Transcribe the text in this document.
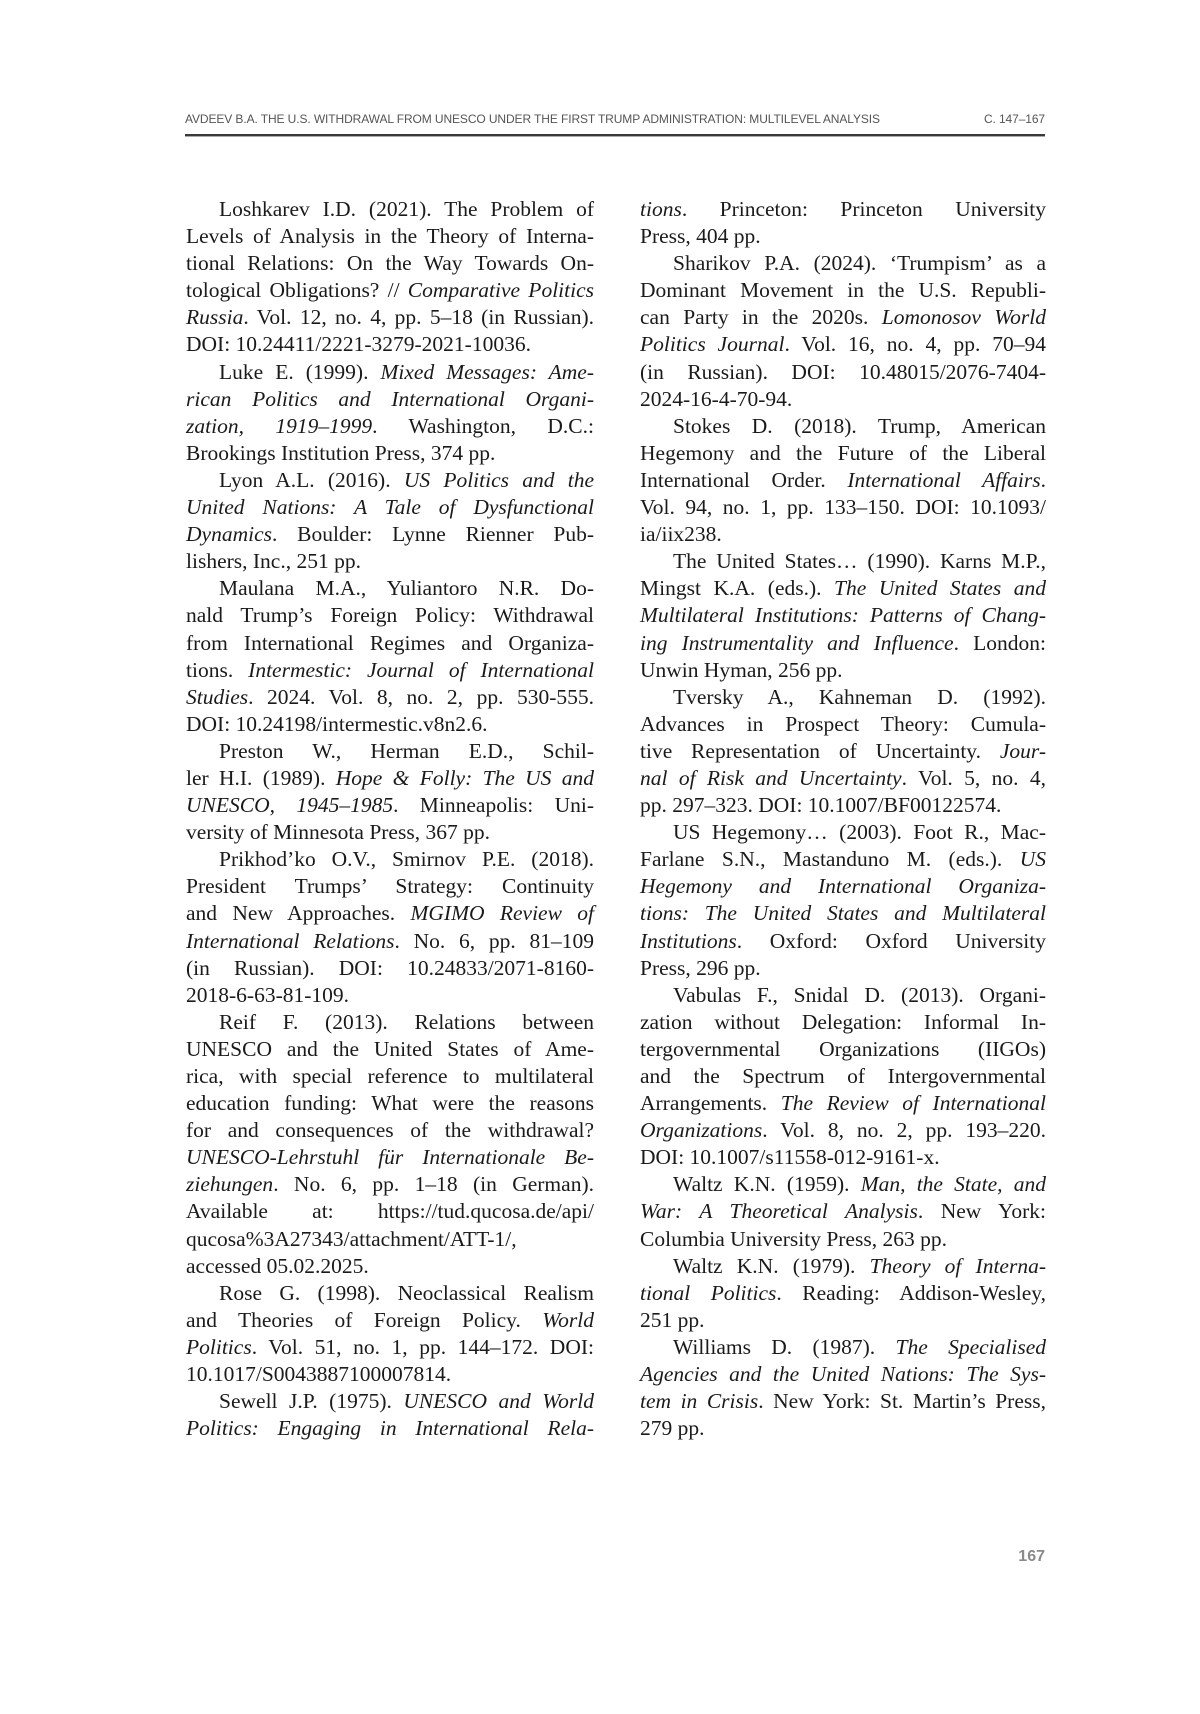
AVDEEV B.A. THE U.S. WITHDRAWAL FROM UNESCO UNDER THE FIRST TRUMP ADMINISTRATION: MULTILEVEL ANALYSIS	С. 147–167
Loshkarev I.D. (2021). The Problem of
Levels of Analysis in the Theory of Interna-
tional Relations: On the Way Towards On-
tological Obligations? // Comparative Politics
Russia. Vol. 12, no. 4, pp. 5–18 (in Russian).
DOI: 10.24411/2221-3279-2021-10036.
Luke E. (1999). Mixed Messages: Ame-
rican Politics and International Organi-
zation, 1919–1999. Washington, D.C.:
Brookings Institution Press, 374 pp.
Lyon A.L. (2016). US Politics and the
United Nations: A Tale of Dysfunctional
Dynamics. Boulder: Lynne Rienner Pub-
lishers, Inc., 251 pp.
Maulana M.A., Yuliantoro N.R. Do-
nald Trump’s Foreign Policy: Withdrawal
from International Regimes and Organiza-
tions. Intermestic: Journal of International
Studies. 2024. Vol. 8, no. 2, pp. 530-555.
DOI: 10.24198/intermestic.v8n2.6.
Preston W., Herman E.D., Schil-
ler H.I. (1989). Hope & Folly: The US and
UNESCO, 1945–1985. Minneapolis: Uni-
versity of Minnesota Press, 367 pp.
Prikhod’ko O.V., Smirnov P.E. (2018).
President Trumps’ Strategy: Continuity
and New Approaches. MGIMO Review of
International Relations. No. 6, pp. 81–109
(in Russian). DOI: 10.24833/2071-8160-
2018-6-63-81-109.
Reif F. (2013). Relations between
UNESCO and the United States of Ame-
rica, with special reference to multilateral
education funding: What were the reasons
for and consequences of the withdrawal?
UNESCO-Lehrstuhl für Internationale Be-
ziehungen. No. 6, pp. 1–18 (in German).
Available at: https://tud.qucosa.de/api/
qucosa%3A27343/attachment/ATT-1/,
accessed 05.02.2025.
Rose G. (1998). Neoclassical Realism
and Theories of Foreign Policy. World
Politics. Vol. 51, no. 1, pp. 144–172. DOI:
10.1017/S0043887100007814.
Sewell J.P. (1975). UNESCO and World
Politics: Engaging in International Rela-
tions. Princeton: Princeton University
Press, 404 pp.
Sharikov P.A. (2024). ‘Trumpism’ as a
Dominant Movement in the U.S. Republi-
can Party in the 2020s. Lomonosov World
Politics Journal. Vol. 16, no. 4, pp. 70–94
(in Russian). DOI: 10.48015/2076-7404-
2024-16-4-70-94.
Stokes D. (2018). Trump, American
Hegemony and the Future of the Liberal
International Order. International Affairs.
Vol. 94, no. 1, pp. 133–150. DOI: 10.1093/
ia/iix238.
The United States… (1990). Karns M.P.,
Mingst K.A. (eds.). The United States and
Multilateral Institutions: Patterns of Chang-
ing Instrumentality and Influence. London:
Unwin Hyman, 256 pp.
Tversky A., Kahneman D. (1992).
Advances in Prospect Theory: Cumula-
tive Representation of Uncertainty. Jour-
nal of Risk and Uncertainty. Vol. 5, no. 4,
pp. 297–323. DOI: 10.1007/BF00122574.
US Hegemony… (2003). Foot R., Mac-
Farlane S.N., Mastanduno M. (eds.). US
Hegemony and International Organiza-
tions: The United States and Multilateral
Institutions. Oxford: Oxford University
Press, 296 pp.
Vabulas F., Snidal D. (2013). Organi-
zation without Delegation: Informal In-
tergovernmental Organizations (IIGOs)
and the Spectrum of Intergovernmental
Arrangements. The Review of International
Organizations. Vol. 8, no. 2, pp. 193–220.
DOI: 10.1007/s11558-012-9161-x.
Waltz K.N. (1959). Man, the State, and
War: A Theoretical Analysis. New York:
Columbia University Press, 263 pp.
Waltz K.N. (1979). Theory of Interna-
tional Politics. Reading: Addison-Wesley,
251 pp.
Williams D. (1987). The Specialised
Agencies and the United Nations: The Sys-
tem in Crisis. New York: St. Martin’s Press,
279 pp.
167
